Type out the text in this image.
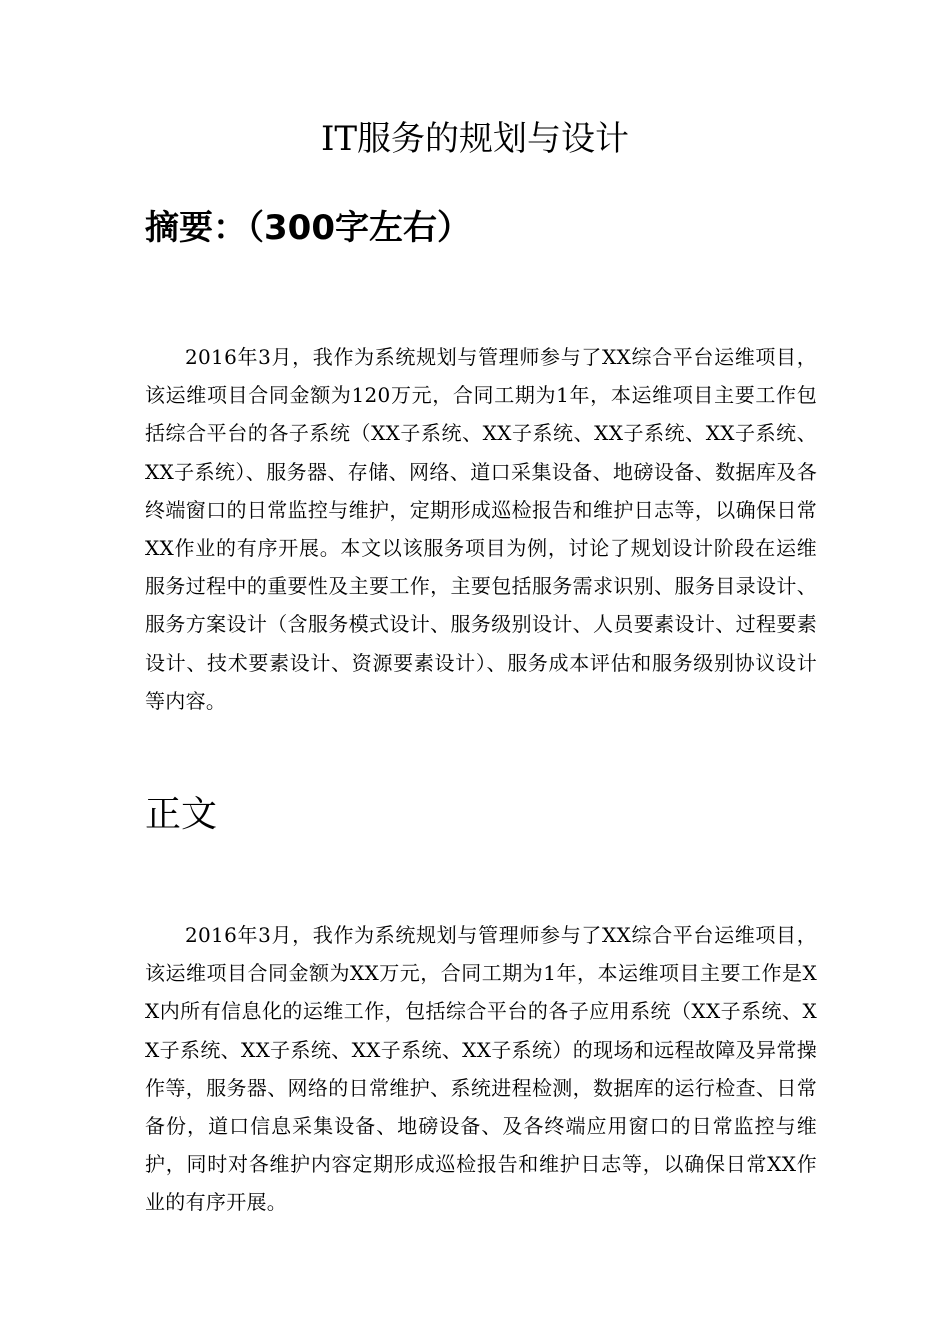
IT服务的规划与设计
摘要：（300字左右）

2016年3月，我作为系统规划与管理师参与了XX综合平台运维项目，该运维项目合同金额为120万元，合同工期为1年，本运维项目主要工作包括综合平台的各子系统（XX子系统、XX子系统、XX子系统、XX子系统、XX子系统）、服务器、存储、网络、道口采集设备、地磅设备、数据库及各终端窗口的日常监控与维护，定期形成巡检报告和维护日志等，以确保日常XX作业的有序开展。本文以该服务项目为例，讨论了规划设计阶段在运维服务过程中的重要性及主要工作，主要包括服务需求识别、服务目录设计、服务方案设计（含服务模式设计、服务级别设计、人员要素设计、过程要素设计、技术要素设计、资源要素设计）、服务成本评估和服务级别协议设计等内容。

正文

2016年3月，我作为系统规划与管理师参与了XX综合平台运维项目，该运维项目合同金额为XX万元，合同工期为1年，本运维项目主要工作是XX内所有信息化的运维工作，包括综合平台的各子应用系统（XX子系统、XX子系统、XX子系统、XX子系统、XX子系统）的现场和远程故障及异常操作等，服务器、网络的日常维护、系统进程检测，数据库的运行检查、日常备份，道口信息采集设备、地磅设备、及各终端应用窗口的日常监控与维护，同时对各维护内容定期形成巡检报告和维护日志等，以确保日常XX作业的有序开展。
